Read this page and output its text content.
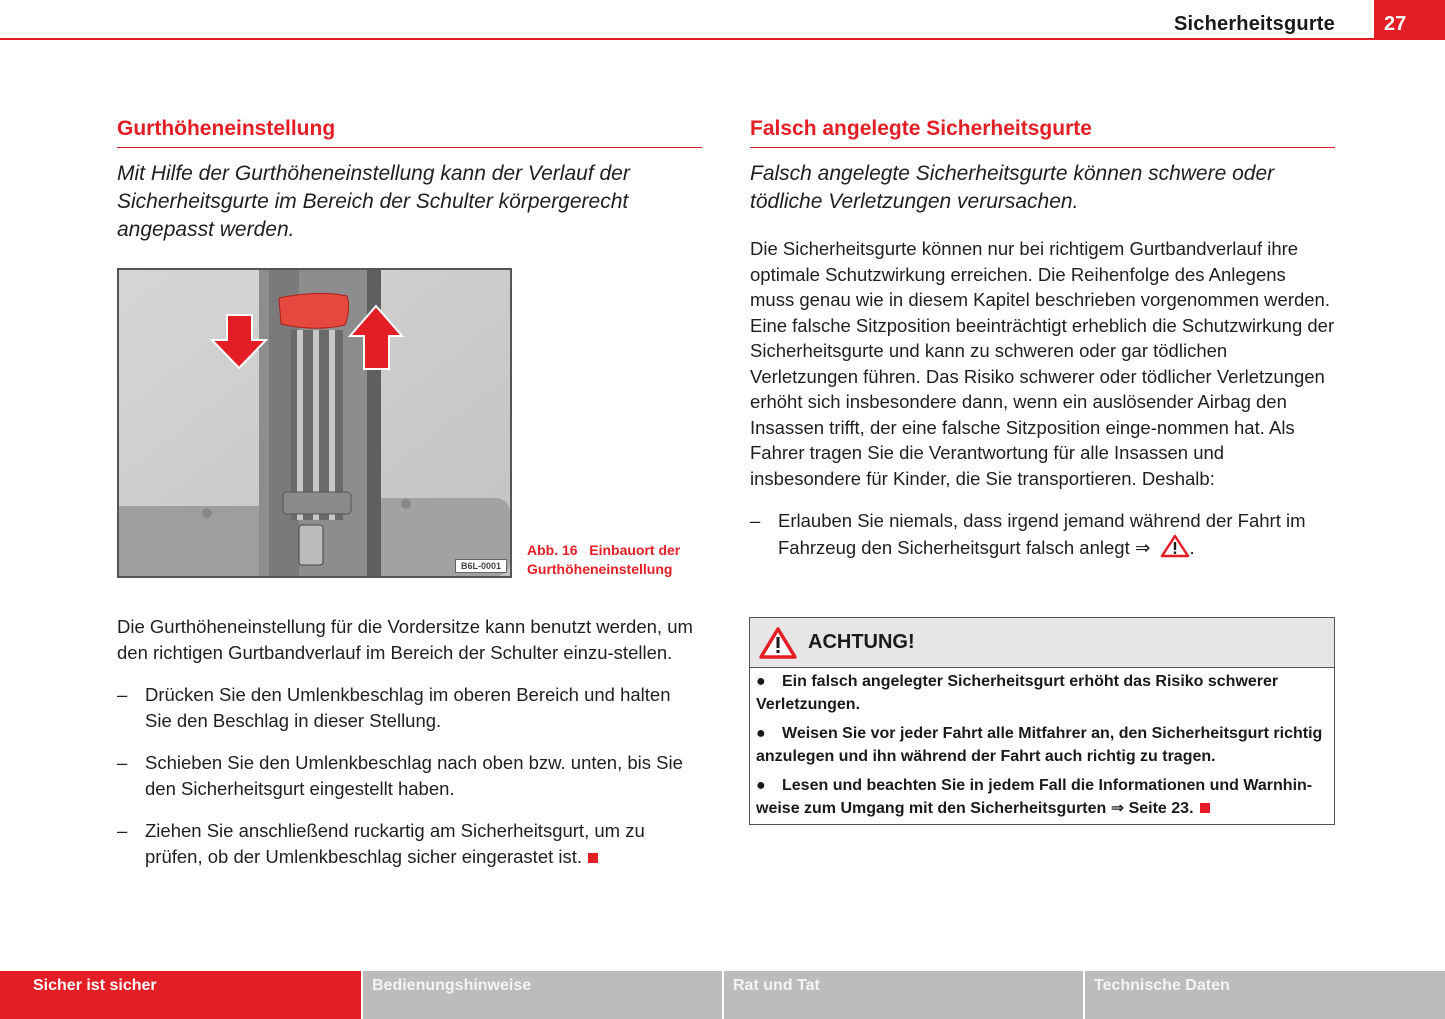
Sicherheitsgurte	27
Gurthöheneinstellung

Mit Hilfe der Gurthöheneinstellung kann der Verlauf der Sicherheitsgurte im Bereich der Schulter körpergerecht angepasst werden.

B6L-0001
Abb. 16 Einbauort der Gurthöheneinstellung

Die Gurthöheneinstellung für die Vordersitze kann benutzt werden, um den richtigen Gurtbandverlauf im Bereich der Schulter einzu-stellen.

– Drücken Sie den Umlenkbeschlag im oberen Bereich und halten Sie den Beschlag in dieser Stellung.
– Schieben Sie den Umlenkbeschlag nach oben bzw. unten, bis Sie den Sicherheitsgurt eingestellt haben.
– Ziehen Sie anschließend ruckartig am Sicherheitsgurt, um zu prüfen, ob der Umlenkbeschlag sicher eingerastet ist.
Falsch angelegte Sicherheitsgurte

Falsch angelegte Sicherheitsgurte können schwere oder tödliche Verletzungen verursachen.

Die Sicherheitsgurte können nur bei richtigem Gurtbandverlauf ihre optimale Schutzwirkung erreichen. Die Reihenfolge des Anlegens muss genau wie in diesem Kapitel beschrieben vorgenommen werden. Eine falsche Sitzposition beeinträchtigt erheblich die Schutzwirkung der Sicherheitsgurte und kann zu schweren oder gar tödlichen Verletzungen führen. Das Risiko schwerer oder tödlicher Verletzungen erhöht sich insbesondere dann, wenn ein auslösender Airbag den Insassen trifft, der eine falsche Sitzposition einge-nommen hat. Als Fahrer tragen Sie die Verantwortung für alle Insassen und insbesondere für Kinder, die Sie transportieren. Deshalb:

– Erlauben Sie niemals, dass irgend jemand während der Fahrt im Fahrzeug den Sicherheitsgurt falsch anlegt ⇒ .
ACHTUNG!

● Ein falsch angelegter Sicherheitsgurt erhöht das Risiko schwerer Verletzungen.

● Weisen Sie vor jeder Fahrt alle Mitfahrer an, den Sicherheitsgurt richtig anzulegen und ihn während der Fahrt auch richtig zu tragen.

● Lesen und beachten Sie in jedem Fall die Informationen und Warnhin-weise zum Umgang mit den Sicherheitsgurten ⇒ Seite 23.

Sicher ist sicher	Bedienungshinweise	Rat und Tat	Technische Daten
